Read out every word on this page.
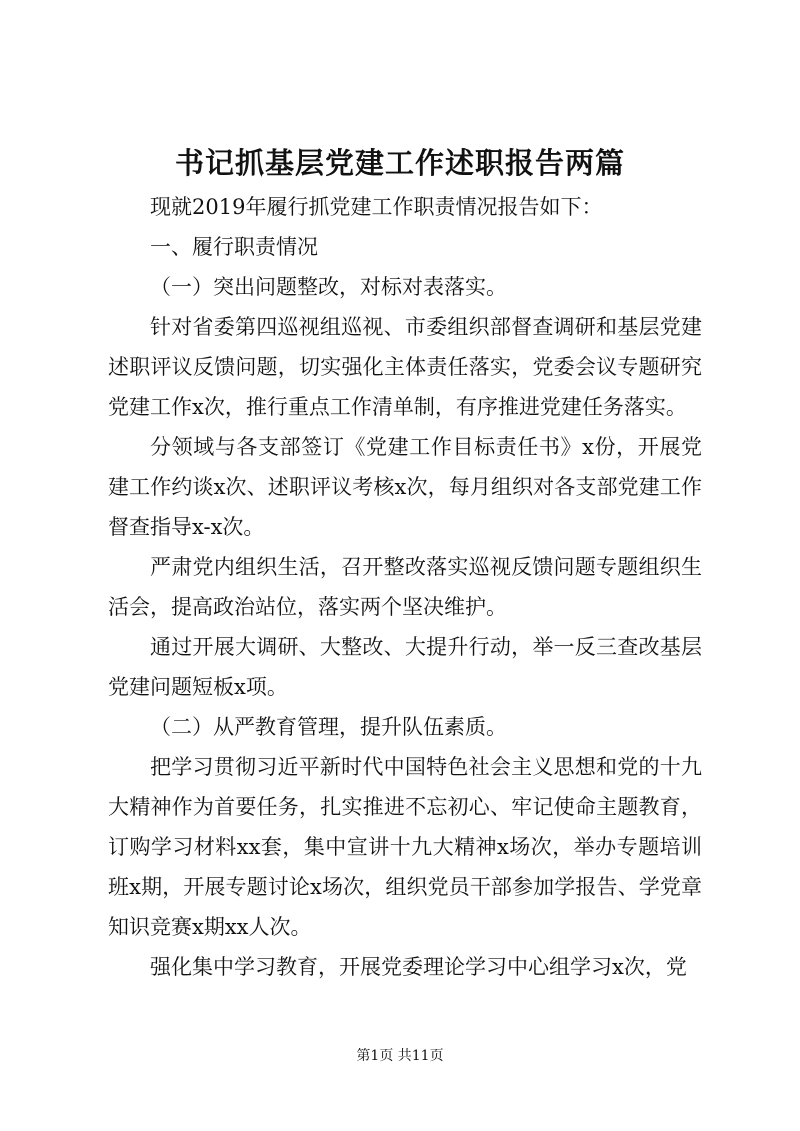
书记抓基层党建工作述职报告两篇

现就2019年履行抓党建工作职责情况报告如下：

一、履行职责情况

（一）突出问题整改，对标对表落实。

针对省委第四巡视组巡视、市委组织部督查调研和基层党建述职评议反馈问题，切实强化主体责任落实，党委会议专题研究党建工作x次，推行重点工作清单制，有序推进党建任务落实。

分领域与各支部签订《党建工作目标责任书》x份，开展党建工作约谈x次、述职评议考核x次，每月组织对各支部党建工作督查指导x-x次。

严肃党内组织生活，召开整改落实巡视反馈问题专题组织生活会，提高政治站位，落实两个坚决维护。

通过开展大调研、大整改、大提升行动，举一反三查改基层党建问题短板x项。

（二）从严教育管理，提升队伍素质。

把学习贯彻习近平新时代中国特色社会主义思想和党的十九大精神作为首要任务，扎实推进不忘初心、牢记使命主题教育，订购学习材料xx套，集中宣讲十九大精神x场次，举办专题培训班x期，开展专题讨论x场次，组织党员干部参加学报告、学党章知识竞赛x期xx人次。

强化集中学习教育，开展党委理论学习中心组学习x次，党

第1页 共11页
